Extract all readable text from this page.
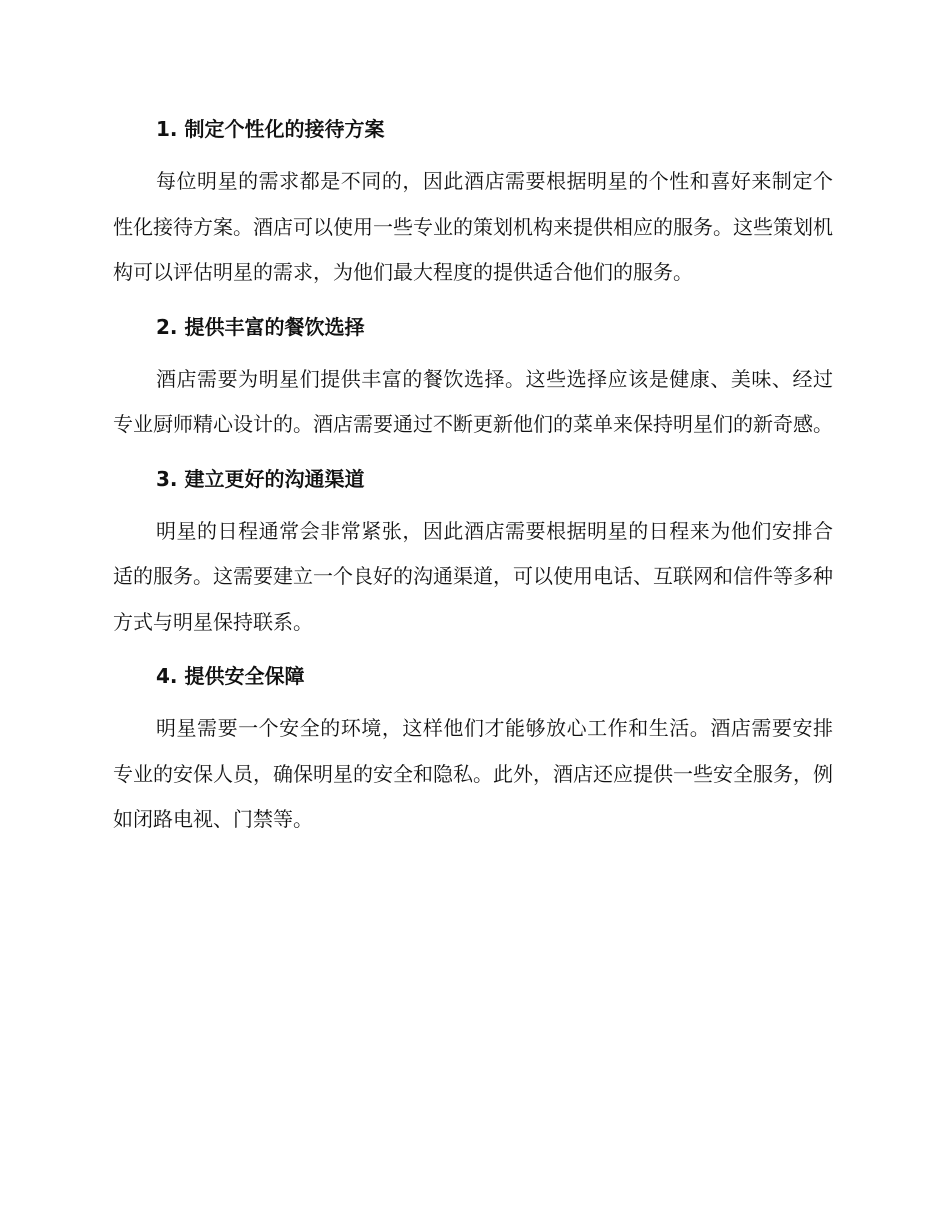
1. 制定个性化的接待方案

每位明星的需求都是不同的，因此酒店需要根据明星的个性和喜好来制定个性化接待方案。酒店可以使用一些专业的策划机构来提供相应的服务。这些策划机构可以评估明星的需求，为他们最大程度的提供适合他们的服务。

2. 提供丰富的餐饮选择

酒店需要为明星们提供丰富的餐饮选择。这些选择应该是健康、美味、经过专业厨师精心设计的。酒店需要通过不断更新他们的菜单来保持明星们的新奇感。

3. 建立更好的沟通渠道

明星的日程通常会非常紧张，因此酒店需要根据明星的日程来为他们安排合适的服务。这需要建立一个良好的沟通渠道，可以使用电话、互联网和信件等多种方式与明星保持联系。

4. 提供安全保障

明星需要一个安全的环境，这样他们才能够放心工作和生活。酒店需要安排专业的安保人员，确保明星的安全和隐私。此外，酒店还应提供一些安全服务，例如闭路电视、门禁等。
